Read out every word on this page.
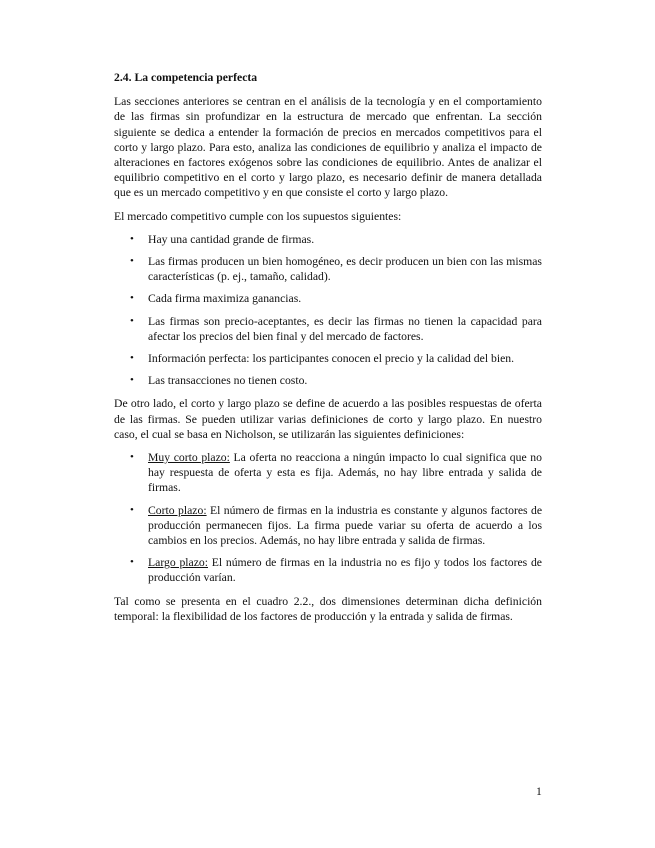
2.4. La competencia perfecta

Las secciones anteriores se centran en el análisis de la tecnología y en el comportamiento de las firmas sin profundizar en la estructura de mercado que enfrentan. La sección siguiente se dedica a entender la formación de precios en mercados competitivos para el corto y largo plazo. Para esto, analiza las condiciones de equilibrio y analiza el impacto de alteraciones en factores exógenos sobre las condiciones de equilibrio. Antes de analizar el equilibrio competitivo en el corto y largo plazo, es necesario definir de manera detallada que es un mercado competitivo y en que consiste el corto y largo plazo.

El mercado competitivo cumple con los supuestos siguientes:

• Hay una cantidad grande de firmas.
• Las firmas producen un bien homogéneo, es decir producen un bien con las mismas características (p. ej., tamaño, calidad).
• Cada firma maximiza ganancias.
• Las firmas son precio-aceptantes, es decir las firmas no tienen la capacidad para afectar los precios del bien final y del mercado de factores.
• Información perfecta: los participantes conocen el precio y la calidad del bien.
• Las transacciones no tienen costo.

De otro lado, el corto y largo plazo se define de acuerdo a las posibles respuestas de oferta de las firmas. Se pueden utilizar varias definiciones de corto y largo plazo. En nuestro caso, el cual se basa en Nicholson, se utilizarán las siguientes definiciones:

• Muy corto plazo: La oferta no reacciona a ningún impacto lo cual significa que no hay respuesta de oferta y esta es fija. Además, no hay libre entrada y salida de firmas.
• Corto plazo: El número de firmas en la industria es constante y algunos factores de producción permanecen fijos. La firma puede variar su oferta de acuerdo a los cambios en los precios. Además, no hay libre entrada y salida de firmas.
• Largo plazo: El número de firmas en la industria no es fijo y todos los factores de producción varían.

Tal como se presenta en el cuadro 2.2., dos dimensiones determinan dicha definición temporal: la flexibilidad de los factores de producción y la entrada y salida de firmas.

1
